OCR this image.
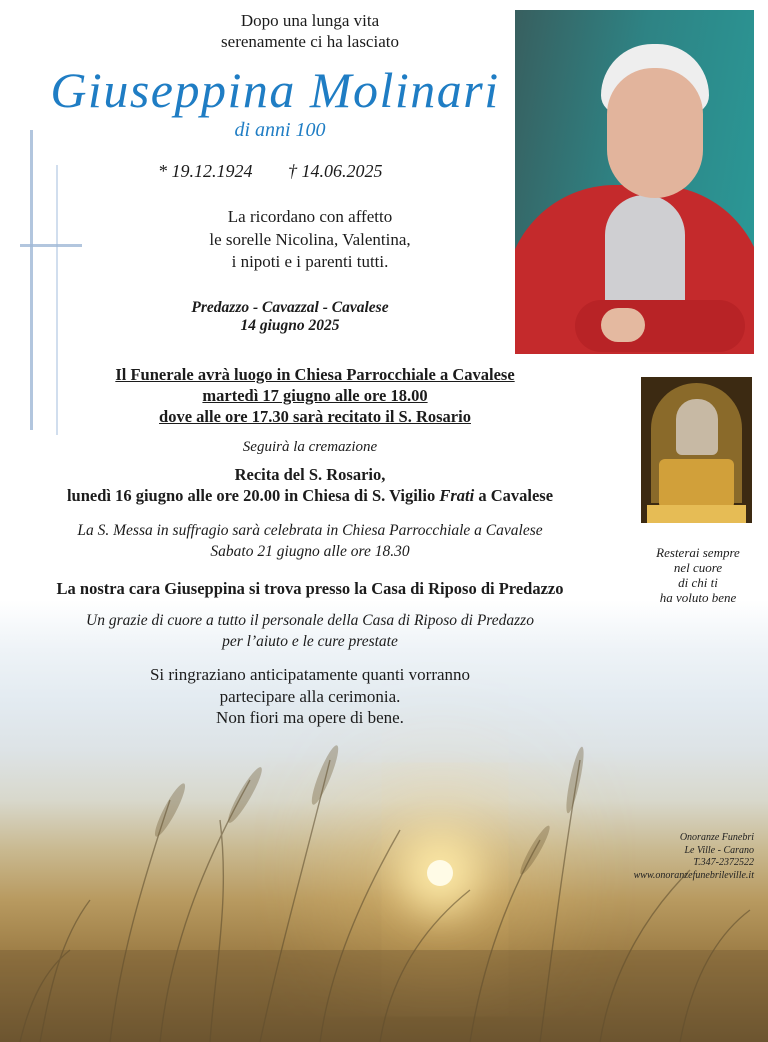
Dopo una lunga vita
serenamente ci ha lasciato
Giuseppina Molinari
di anni 100
* 19.12.1924 † 14.06.2025
La ricordano con affetto
le sorelle Nicolina, Valentina,
i nipoti e i parenti tutti.
Predazzo - Cavazzal - Cavalese
14 giugno 2025
Il Funerale avrà luogo in Chiesa Parrocchiale a Cavalese
martedì 17 giugno alle ore 18.00
dove alle ore 17.30 sarà recitato il S. Rosario
Seguirà la cremazione
Recita del S. Rosario,
lunedì 16 giugno alle ore 20.00 in Chiesa di S. Vigilio Frati a Cavalese
La S. Messa in suffragio sarà celebrata in Chiesa Parrocchiale a Cavalese
Sabato 21 giugno alle ore 18.30
La nostra cara Giuseppina si trova presso la Casa di Riposo di Predazzo
Un grazie di cuore a tutto il personale della Casa di Riposo di Predazzo
per l’aiuto e le cure prestate
Si ringraziano anticipatamente quanti vorranno
partecipare alla cerimonia.
Non fiori ma opere di bene.
Resterai sempre
nel cuore
di chi ti
ha voluto bene
Onoranze Funebri
Le Ville - Carano
T.347-2372522
www.onoranzefunebrileville.it
